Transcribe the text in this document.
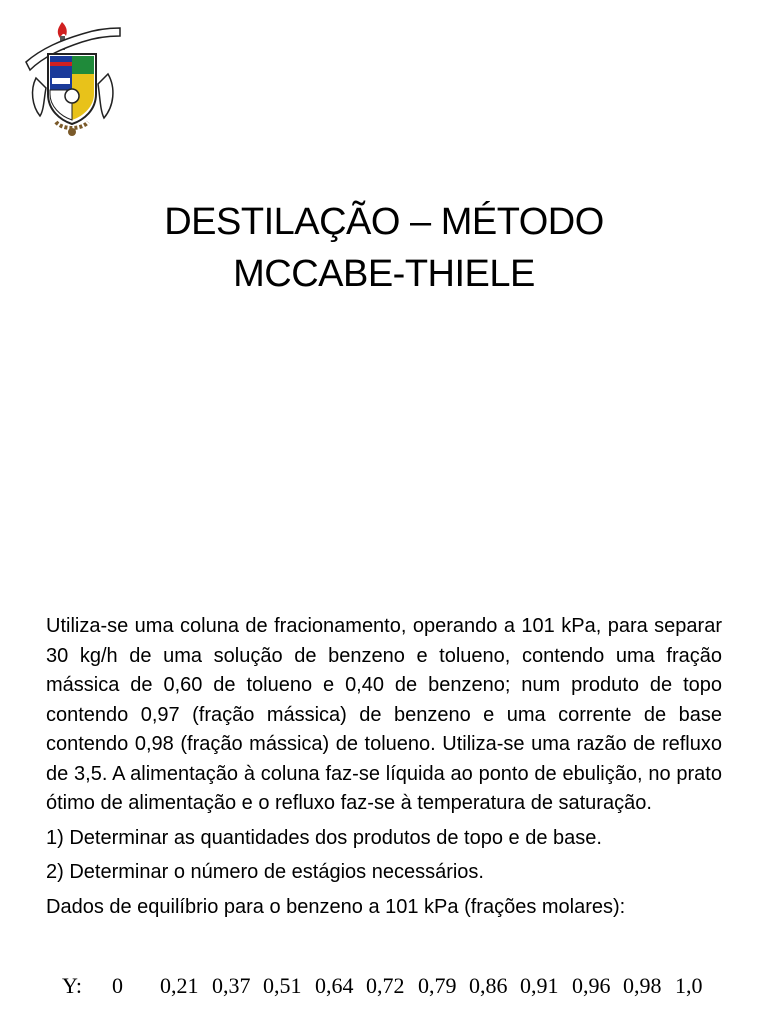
DESTILAÇÃO – MÉTODO
MCCABE-THIELE

Utiliza-se uma coluna de fracionamento, operando a 101 kPa, para separar 30 kg/h de uma solução de benzeno e tolueno, contendo uma fração mássica de 0,60 de tolueno e 0,40 de benzeno; num produto de topo contendo 0,97 (fração mássica) de benzeno e uma corrente de base contendo 0,98 (fração mássica) de tolueno. Utiliza-se uma razão de refluxo de 3,5. A alimentação à coluna faz-se líquida ao ponto de ebulição, no prato ótimo de alimentação e o refluxo faz-se à temperatura de saturação.

1) Determinar as quantidades dos produtos de topo e de base.

2) Determinar o número de estágios necessários.

Dados de equilíbrio para o benzeno a 101 kPa (frações molares):

Y:	0	0,21 0,37 0,51 0,64 0,72 0,79 0,86 0,91 0,96 0,98 1,0
